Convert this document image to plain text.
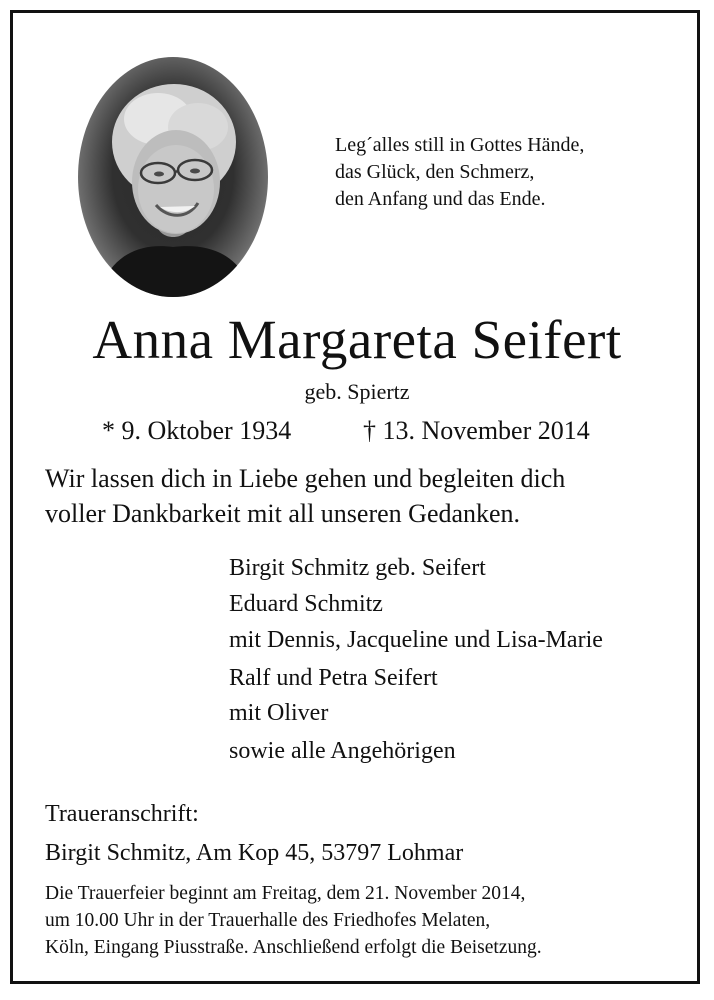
Leg´alles still in Gottes Hände,
das Glück, den Schmerz,
den Anfang und das Ende.
Anna Margareta Seifert
geb. Spiertz
* 9. Oktober 1934	† 13. November 2014
Wir lassen dich in Liebe gehen und begleiten dich
voller Dankbarkeit mit all unseren Gedanken.
Birgit Schmitz geb. Seifert
Eduard Schmitz
mit Dennis, Jacqueline und Lisa-Marie
Ralf und Petra Seifert
mit Oliver
sowie alle Angehörigen
Traueranschrift:
Birgit Schmitz, Am Kop 45, 53797 Lohmar
Die Trauerfeier beginnt am Freitag, dem 21. November 2014,
um 10.00 Uhr in der Trauerhalle des Friedhofes Melaten,
Köln, Eingang Piusstraße. Anschließend erfolgt die Beisetzung.
